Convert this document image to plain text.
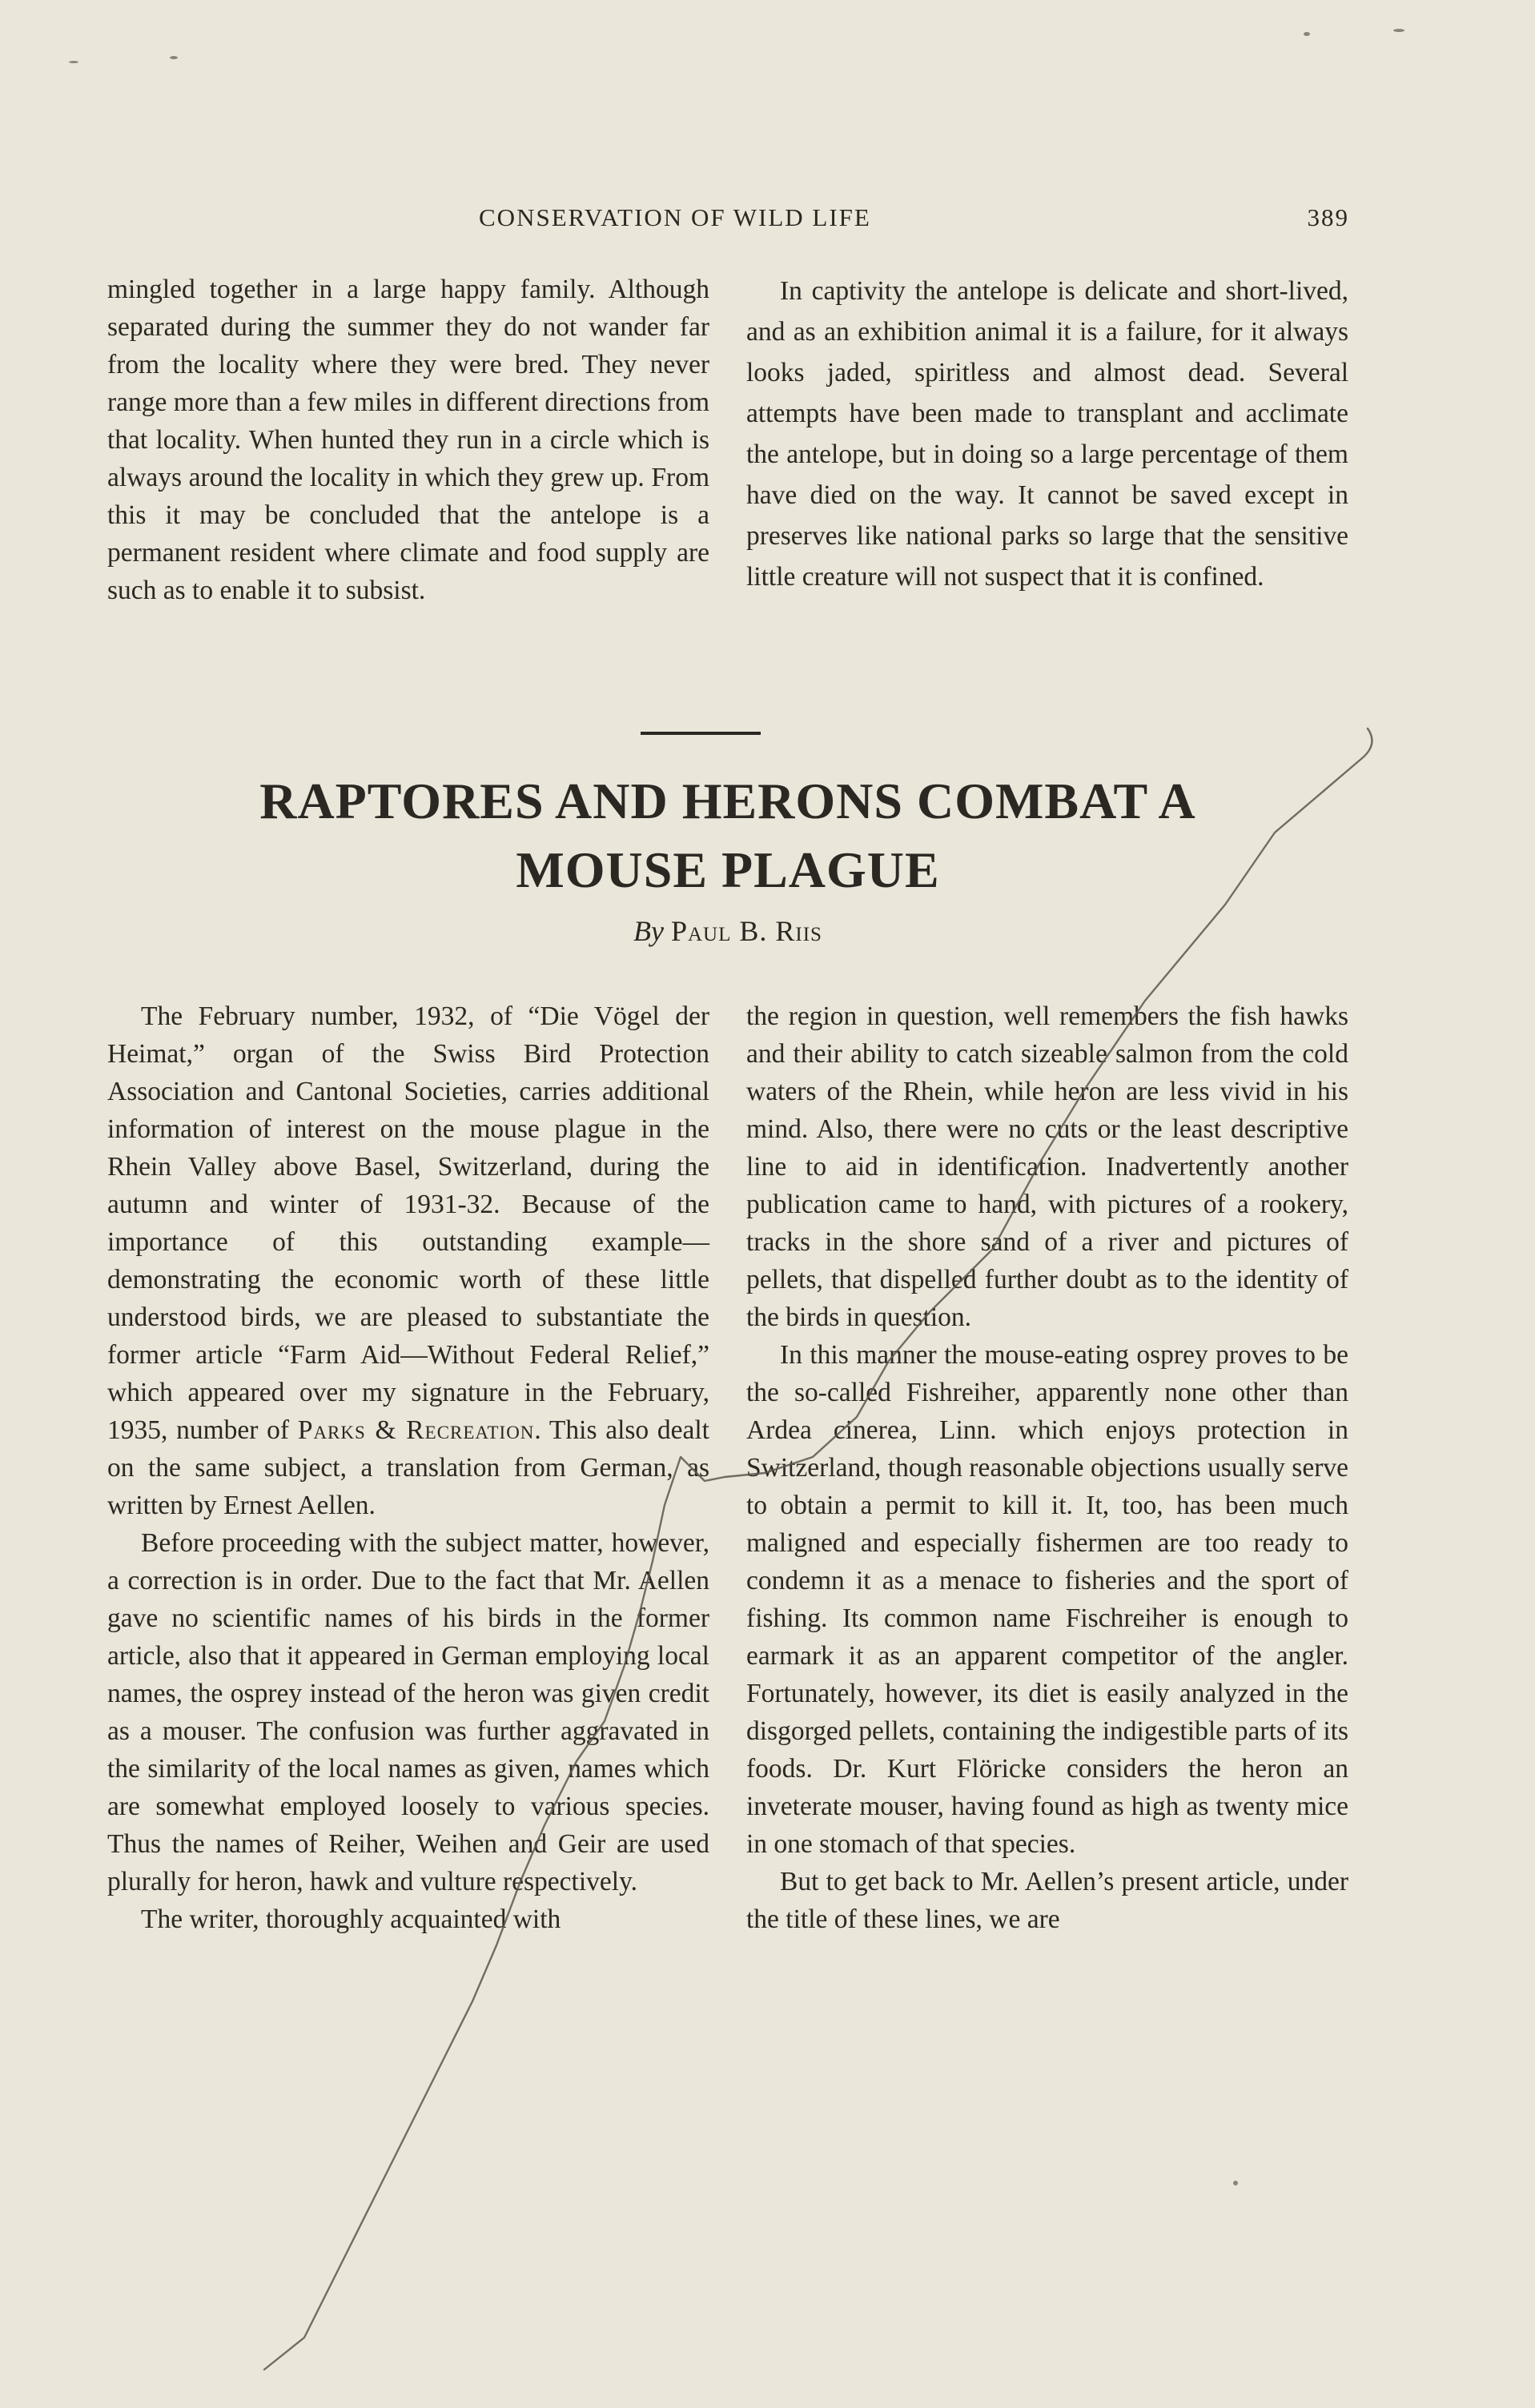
CONSERVATION OF WILD LIFE	389

mingled together in a large happy family. Although separated during the summer they do not wander far from the locality where they were bred. They never range more than a few miles in different directions from that locality. When hunted they run in a circle which is always around the locality in which they grew up. From this it may be concluded that the antelope is a permanent resident where climate and food supply are such as to enable it to subsist.

In captivity the antelope is delicate and short-lived, and as an exhibition animal it is a failure, for it always looks jaded, spiritless and almost dead. Several attempts have been made to transplant and acclimate the antelope, but in doing so a large percentage of them have died on the way. It cannot be saved except in preserves like national parks so large that the sensitive little creature will not suspect that it is confined.

RAPTORES AND HERONS COMBAT A
MOUSE PLAGUE
By Paul B. Riis

The February number, 1932, of “Die Vögel der Heimat,” organ of the Swiss Bird Protection Association and Cantonal Societies, carries additional information of interest on the mouse plague in the Rhein Valley above Basel, Switzerland, during the autumn and winter of 1931-32. Because of the importance of this outstanding example—demonstrating the economic worth of these little understood birds, we are pleased to substantiate the former article “Farm Aid—Without Federal Relief,” which appeared over my signature in the February, 1935, number of Parks & Recreation. This also dealt on the same subject, a translation from German, as written by Ernest Aellen.

Before proceeding with the subject matter, however, a correction is in order. Due to the fact that Mr. Aellen gave no scientific names of his birds in the former article, also that it appeared in German employing local names, the osprey instead of the heron was given credit as a mouser. The confusion was further aggravated in the similarity of the local names as given, names which are somewhat employed loosely to various species. Thus the names of Reiher, Weihen and Geir are used plurally for heron, hawk and vulture respectively.

The writer, thoroughly acquainted with

the region in question, well remembers the fish hawks and their ability to catch sizeable salmon from the cold waters of the Rhein, while heron are less vivid in his mind. Also, there were no cuts or the least descriptive line to aid in identification. Inadvertently another publication came to hand, with pictures of a rookery, tracks in the shore sand of a river and pictures of pellets, that dispelled further doubt as to the identity of the birds in question.

In this manner the mouse-eating osprey proves to be the so-called Fishreiher, apparently none other than Ardea cinerea, Linn. which enjoys protection in Switzerland, though reasonable objections usually serve to obtain a permit to kill it. It, too, has been much maligned and especially fishermen are too ready to condemn it as a menace to fisheries and the sport of fishing. Its common name Fischreiher is enough to earmark it as an apparent competitor of the angler. Fortunately, however, its diet is easily analyzed in the disgorged pellets, containing the indigestible parts of its foods. Dr. Kurt Flöricke considers the heron an inveterate mouser, having found as high as twenty mice in one stomach of that species.

But to get back to Mr. Aellen’s present article, under the title of these lines, we are
